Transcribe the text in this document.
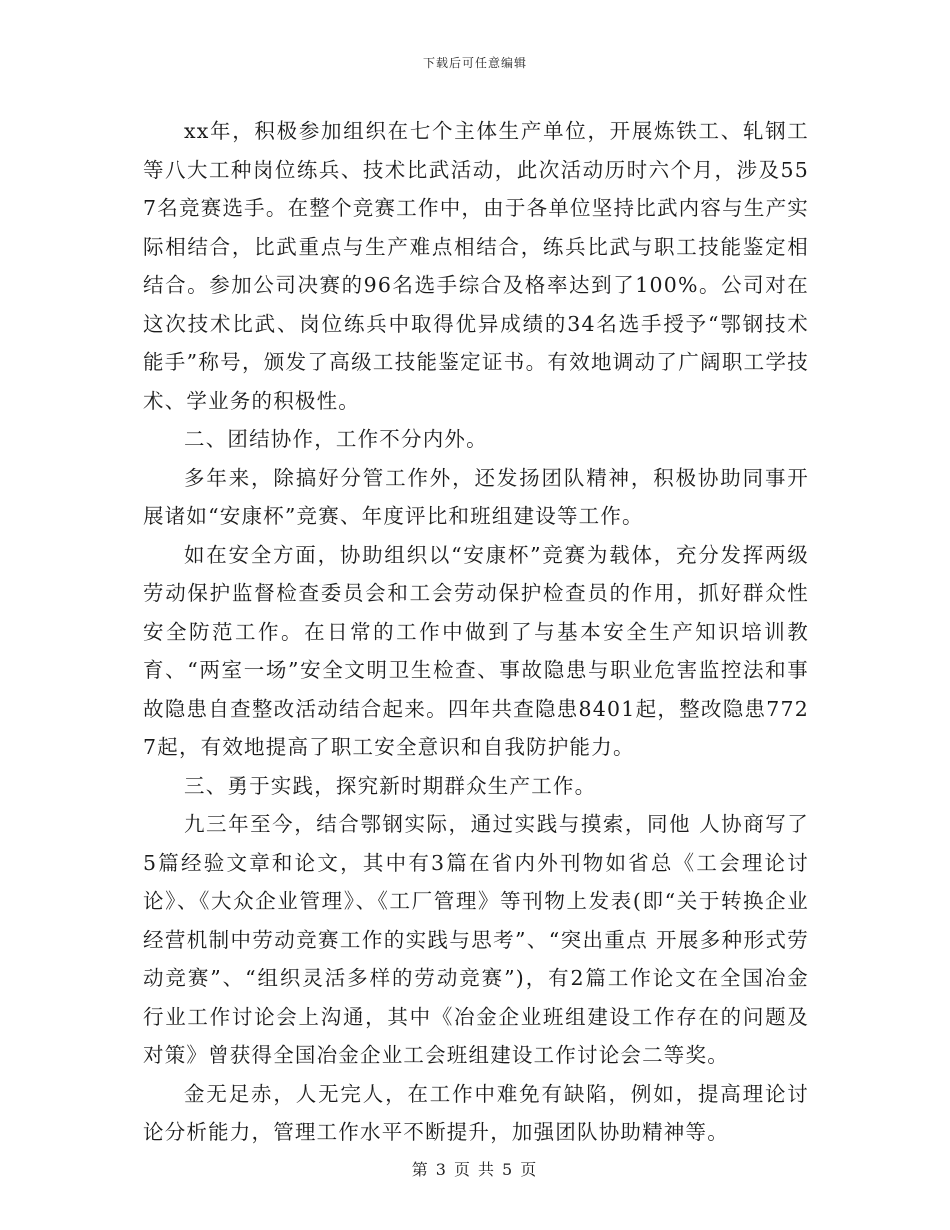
下载后可任意编辑

xx年，积极参加组织在七个主体生产单位，开展炼铁工、轧钢工等八大工种岗位练兵、技术比武活动，此次活动历时六个月，涉及557名竞赛选手。在整个竞赛工作中，由于各单位坚持比武内容与生产实际相结合，比武重点与生产难点相结合，练兵比武与职工技能鉴定相结合。参加公司决赛的96名选手综合及格率达到了100%。公司对在这次技术比武、岗位练兵中取得优异成绩的34名选手授予“鄂钢技术能手”称号，颁发了高级工技能鉴定证书。有效地调动了广阔职工学技术、学业务的积极性。

二、团结协作，工作不分内外。

多年来，除搞好分管工作外，还发扬团队精神，积极协助同事开展诸如“安康杯”竞赛、年度评比和班组建设等工作。

如在安全方面，协助组织以“安康杯”竞赛为载体，充分发挥两级劳动保护监督检查委员会和工会劳动保护检查员的作用，抓好群众性安全防范工作。在日常的工作中做到了与基本安全生产知识培训教育、“两室一场”安全文明卫生检查、事故隐患与职业危害监控法和事故隐患自查整改活动结合起来。四年共查隐患8401起，整改隐患7727起，有效地提高了职工安全意识和自我防护能力。

三、勇于实践，探究新时期群众生产工作。

九三年至今，结合鄂钢实际，通过实践与摸索，同他 人协商写了5篇经验文章和论文，其中有3篇在省内外刊物如省总《工会理论讨论》、《大众企业管理》、《工厂管理》等刊物上发表(即“关于转换企业经营机制中劳动竞赛工作的实践与思考”、“突出重点 开展多种形式劳动竞赛”、“组织灵活多样的劳动竞赛”)，有2篇工作论文在全国冶金行业工作讨论会上沟通，其中《冶金企业班组建设工作存在的问题及对策》曾获得全国冶金企业工会班组建设工作讨论会二等奖。

金无足赤，人无完人，在工作中难免有缺陷，例如，提高理论讨论分析能力，管理工作水平不断提升，加强团队协助精神等。

第 3 页 共 5 页
